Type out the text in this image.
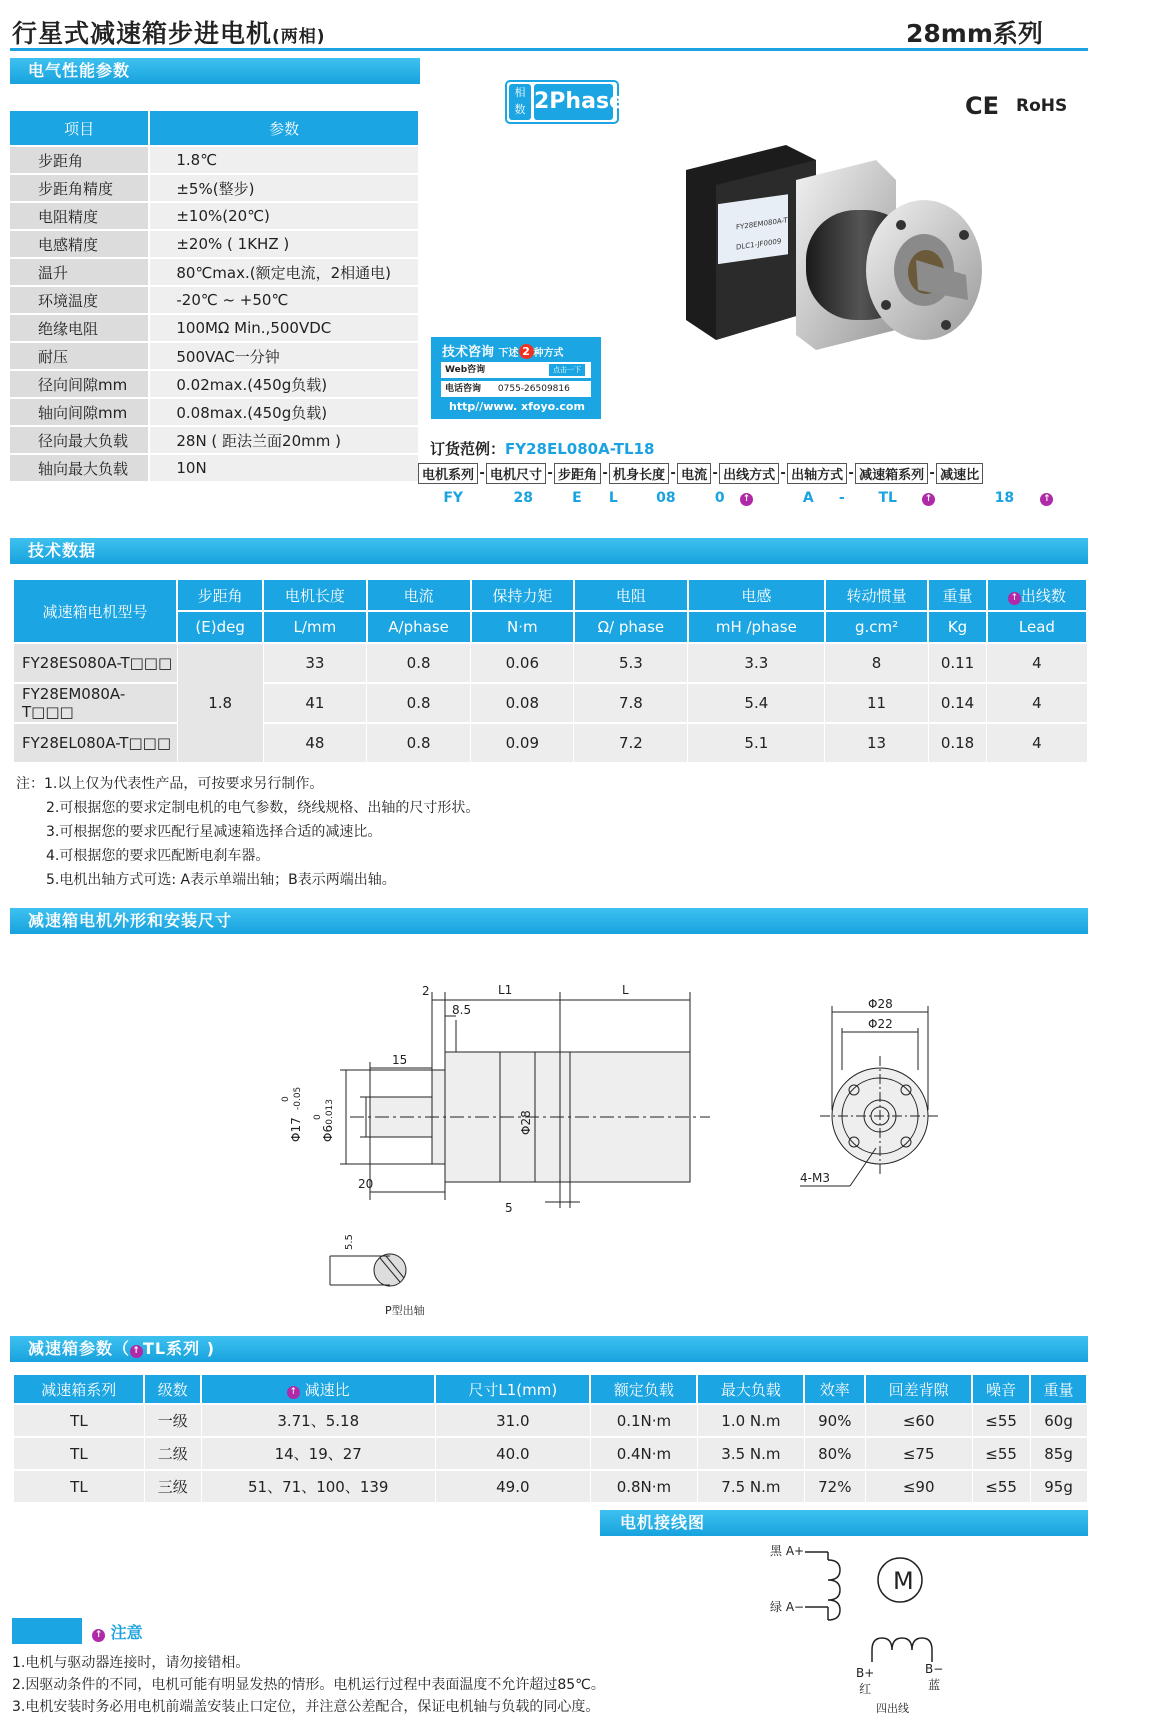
行星式减速箱步进电机(两相)	28mm系列
电气性能参数
项目	参数
步距角	1.8℃
步距角精度	±5%(整步)
电阻精度	±10%(20℃)
电感精度	±20% ( 1KHZ )
温升	80℃max.(额定电流，2相通电)
环境温度	-20℃ ~ +50℃
绝缘电阻	100MΩ Min.,500VDC
耐压	500VAC一分钟
径向间隙mm	0.02max.(450g负载)
轴向间隙mm	0.08max.(450g负载)
径向最大负载	28N ( 距法兰面20mm )
轴向最大负载	10N
相
数 2Phase	CE RoHS
FY28EM080A-T
DLC1-JF0009
技术咨询 下述 2 种方式
Web咨询	点击一下
电话咨询 0755-26509816
http//www. xfoyo.com
订货范例：FY28EL080A-TL18
电机系列	-	电机尺寸	-	步距角	-	机身长度	-	电流	-	出线方式	-	出轴方式	-	减速箱系列	-	减速比
FY	28	E	L	08	0	↑	A	-	TL	↑	18	↑
技术数据
减速箱电机型号	步距角	电机长度	电流	保持力矩	电阻	电感	转动惯量	重量	↑ 出线数
	(E)deg	L/mm	A/phase	N·m	Ω/ phase	mH /phase	g.cm²	Kg	Lead
FY28ES080A-T□□□	1.8	33	0.8	0.06	5.3	3.3	8	0.11	4
FY28EM080A-T□□□		41	0.8	0.08	7.8	5.4	11	0.14	4
FY28EL080A-T□□□		48	0.8	0.09	7.2	5.1	13	0.18	4
注：1.以上仅为代表性产品，可按要求另行制作。
2.可根据您的要求定制电机的电气参数，绕线规格、出轴的尺寸形状。
3.可根据您的要求匹配行星减速箱选择合适的减速比。
4.可根据您的要求匹配断电刹车器。
5.电机出轴方式可选: A表示单端出轴；B表示两端出轴。
减速箱电机外形和安装尺寸
2	L1	L
8.5
15
Φ28
Φ17
0 -0.05
Φ6
0 -0.013
20
5
5.5
P型出轴
Φ28
Φ22
4-M3
减速箱参数（ ↑ TL系列 )
减速箱系列	级数	↑ 减速比	尺寸L1(mm)	额定负载	最大负载	效率	回差背隙	噪音	重量
TL	一级	3.71、5.18	31.0	0.1N·m	1.0 N.m	90%	≤60	≤55	60g
TL	二级	14、19、27	40.0	0.4N·m	3.5 N.m	80%	≤75	≤55	85g
TL	三级	51、71、100、139	49.0	0.8N·m	7.5 N.m	72%	≤90	≤55	95g
电机接线图
M
黑 A+
绿 A−
B+
红
B−
蓝
四出线
↑ 注意
1.电机与驱动器连接时，请勿接错相。
2.因驱动条件的不同，电机可能有明显发热的情形。电机运行过程中表面温度不允许超过85℃。
3.电机安装时务必用电机前端盖安装止口定位，并注意公差配合，保证电机轴与负载的同心度。
